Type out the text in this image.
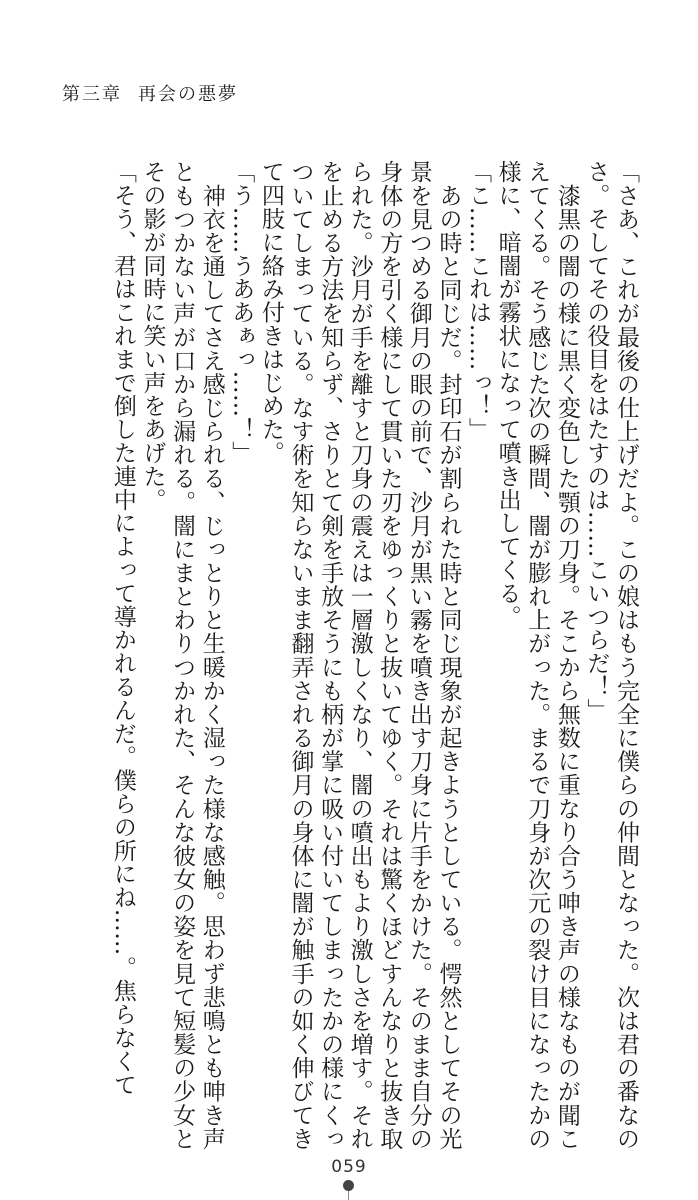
第三章 再会の悪夢

「さあ、これが最後の仕上げだよ。この娘はもう完全に僕らの仲間となった。次は君の番なのさ。そしてその役目をはたすのは……こいつらだ！」

　漆黒の闇の様に黒く変色した顎の刀身。そこから無数に重なり合う呻き声の様なものが聞こえてくる。そう感じた次の瞬間、闇が膨れ上がった。まるで刀身が次元の裂け目になったかの様に、暗闇が霧状になって噴き出してくる。

「こ……これは……っ！」

　あの時と同じだ。封印石が割られた時と同じ現象が起きようとしている。愕然としてその光景を見つめる御月の眼の前で、沙月が黒い霧を噴き出す刀身に片手をかけた。そのまま自分の身体の方を引く様にして貫いた刃をゆっくりと抜いてゆく。それは驚くほどすんなりと抜き取られた。沙月が手を離すと刀身の震えは一層激しくなり、闇の噴出もより激しさを増す。それを止める方法を知らず、さりとて剣を手放そうにも柄が掌に吸い付いてしまったかの様にくっついてしまっている。なす術を知らないまま翻弄される御月の身体に闇が触手の如く伸びてきて四肢に絡み付きはじめた。

「う……うああぁっ……！」

　神衣を通してさえ感じられる、じっとりと生暖かく湿った様な感触。思わず悲鳴とも呻き声ともつかない声が口から漏れる。闇にまとわりつかれた、そんな彼女の姿を見て短髪の少女とその影が同時に笑い声をあげた。

「そう、君はこれまで倒した連中によって導かれるんだ。僕らの所にね……。焦らなくて

059
